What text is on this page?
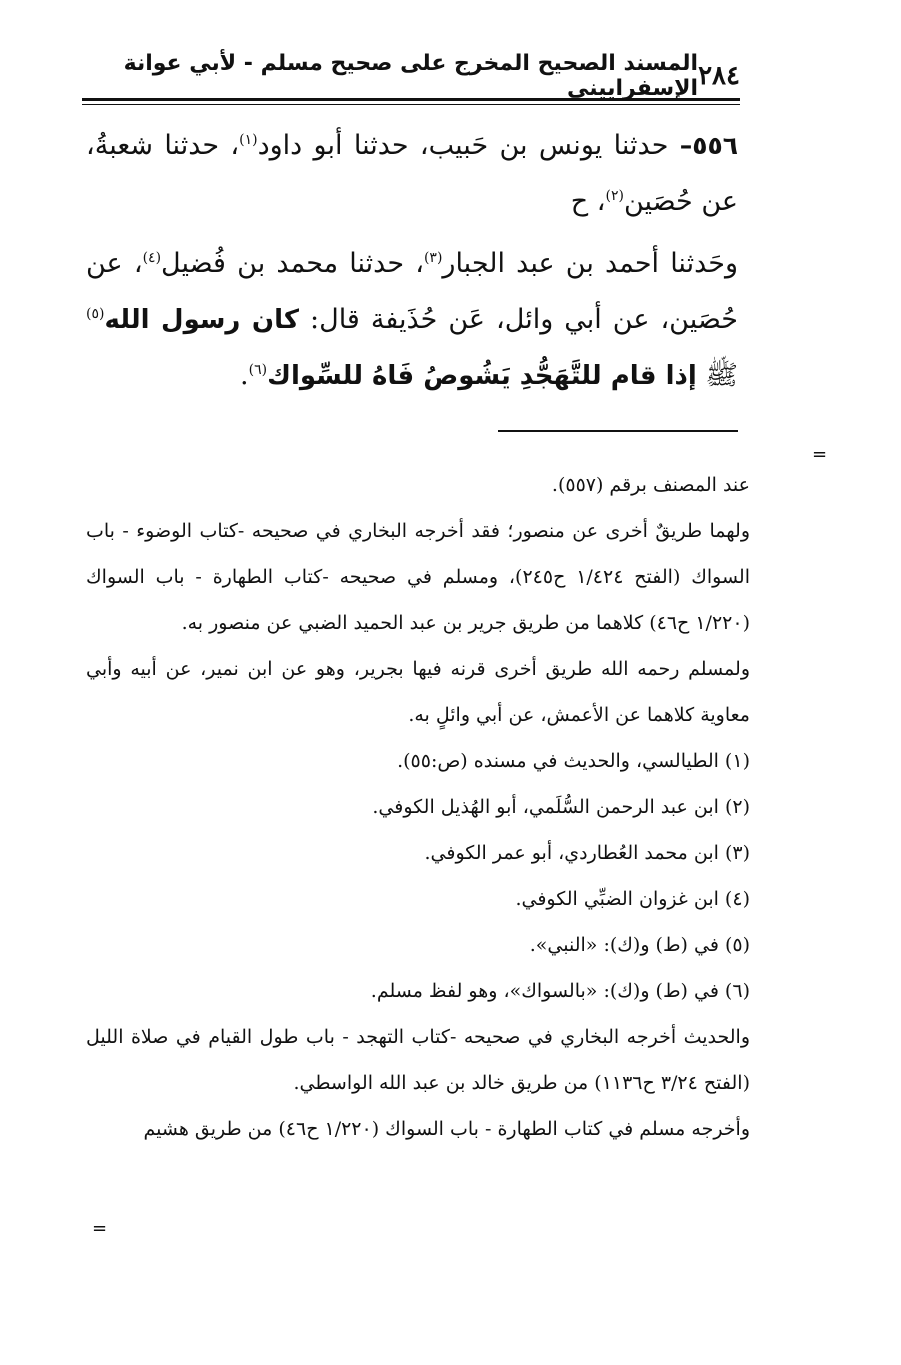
٢٨٤
المسند الصحيح المخرج على صحيح مسلم - لأبي عوانة الإسفراييني

٥٥٦– حدثنا يونس بن حَبيب، حدثنا أبو داود$^{(١)}$، حدثنا شعبةُ، عن حُصَين$^{(٢)}$، ح

وحَدثنا أحمد بن عبد الجبار$^{(٣)}$، حدثنا محمد بن فُضيل$^{(٤)}$، عن حُصَين، عن أبي وائل، عَن حُذَيفة قال: كان رسول الله$^{(٥)}$ ﷺ إذا قام للتَّهَجُّدِ يَشُوصُ فَاهُ للسِّواك$^{(٦)}$.

=

عند المصنف برقم (٥٥٧).

ولهما طريقٌ أخرى عن منصور؛ فقد أخرجه البخاري في صحيحه -كتاب الوضوء - باب السواك (الفتح ١/٤٢٤ ح٢٤٥)، ومسلم في صحيحه -كتاب الطهارة - باب السواك (١/٢٢٠ ح٤٦) كلاهما من طريق جرير بن عبد الحميد الضبي عن منصور به.

ولمسلم رحمه الله طريق أخرى قرنه فيها بجرير، وهو عن ابن نمير، عن أبيه وأبي معاوية كلاهما عن الأعمش، عن أبي وائلٍ به.

(١) الطيالسي، والحديث في مسنده (ص:٥٥).

(٢) ابن عبد الرحمن السُّلَمي، أبو الهُذيل الكوفي.

(٣) ابن محمد العُطاردي، أبو عمر الكوفي.

(٤) ابن غزوان الضبِّي الكوفي.

(٥) في (ط) و(ك): «النبي».

(٦) في (ط) و(ك): «بالسواك»، وهو لفظ مسلم.

والحديث أخرجه البخاري في صحيحه -كتاب التهجد - باب طول القيام في صلاة الليل (الفتح ٣/٢٤ ح١١٣٦) من طريق خالد بن عبد الله الواسطي.

وأخرجه مسلم في كتاب الطهارة - باب السواك (١/٢٢٠ ح٤٦) من طريق هشيم

=
